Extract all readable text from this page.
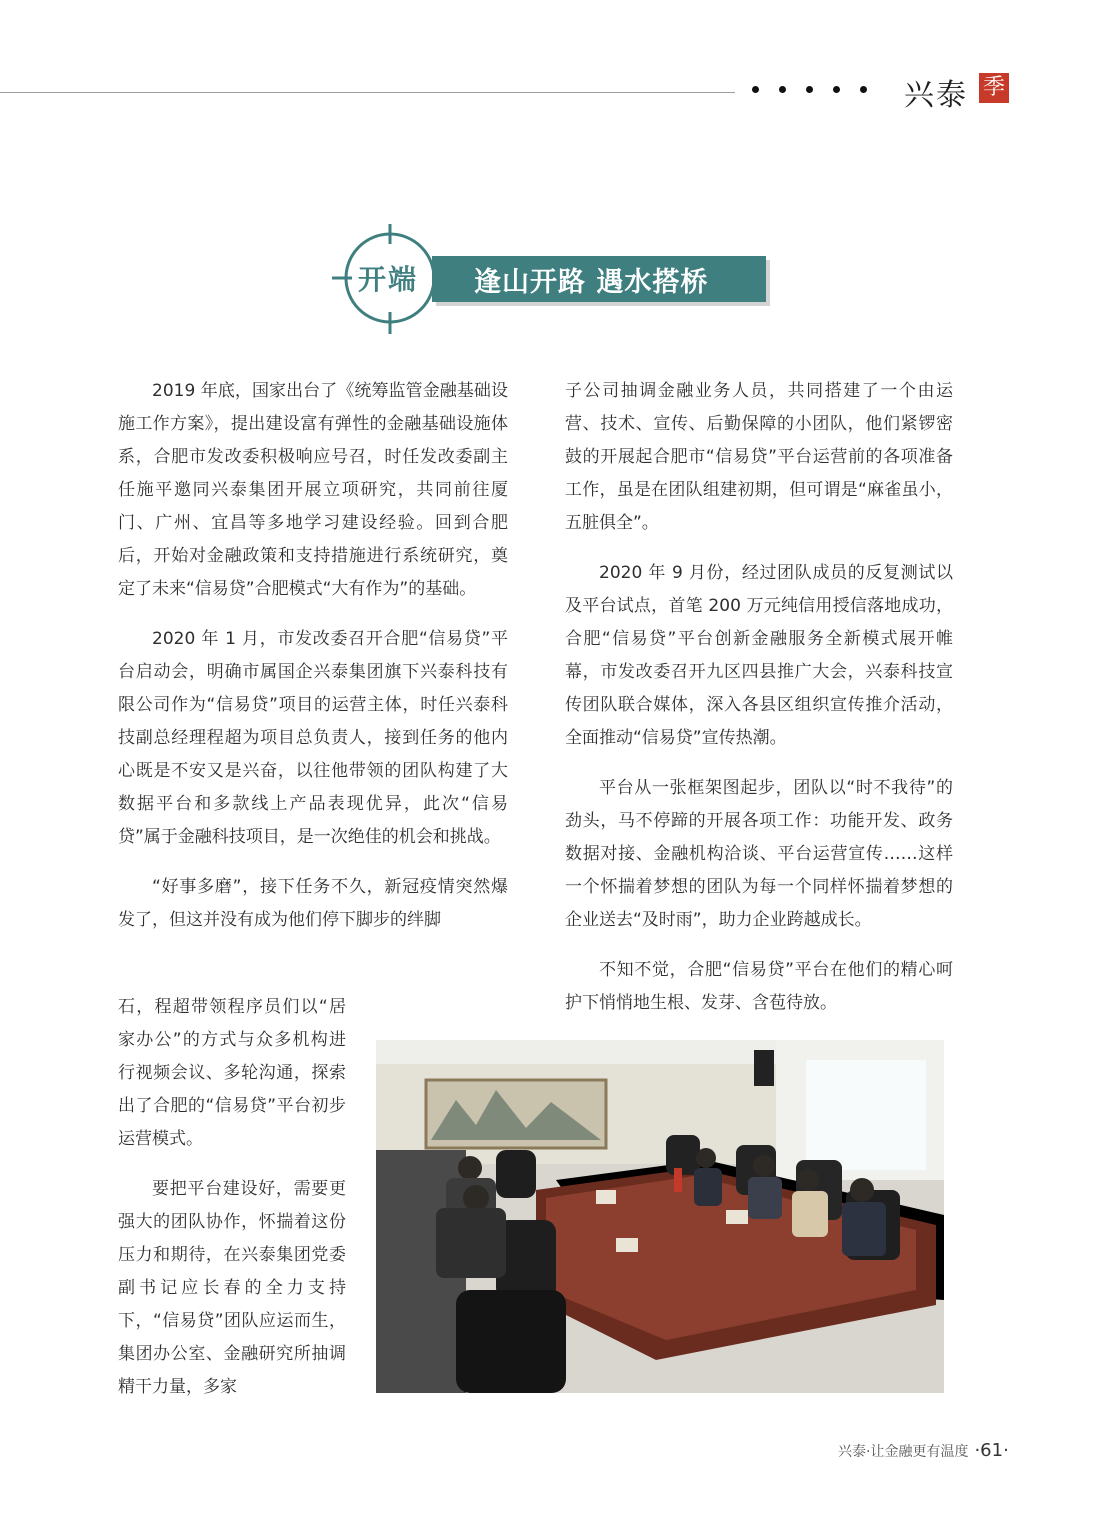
兴泰 季
开端	逢山开路 遇水搭桥

2019 年底，国家出台了《统筹监管金融基础设施工作方案》，提出建设富有弹性的金融基础设施体系，合肥市发改委积极响应号召，时任发改委副主任施平邀同兴泰集团开展立项研究，共同前往厦门、广州、宜昌等多地学习建设经验。回到合肥后，开始对金融政策和支持措施进行系统研究，奠定了未来“信易贷”合肥模式“大有作为”的基础。

2020 年 1 月，市发改委召开合肥“信易贷”平台启动会，明确市属国企兴泰集团旗下兴泰科技有限公司作为“信易贷”项目的运营主体，时任兴泰科技副总经理程超为项目总负责人，接到任务的他内心既是不安又是兴奋，以往他带领的团队构建了大数据平台和多款线上产品表现优异，此次“信易贷”属于金融科技项目，是一次绝佳的机会和挑战。

“好事多磨”，接下任务不久，新冠疫情突然爆发了，但这并没有成为他们停下脚步的绊脚

石，程超带领程序员们以“居家办公”的方式与众多机构进行视频会议、多轮沟通，探索出了合肥的“信易贷”平台初步运营模式。

要把平台建设好，需要更强大的团队协作，怀揣着这份压力和期待，在兴泰集团党委副书记应长春的全力支持下，“信易贷”团队应运而生，集团办公室、金融研究所抽调精干力量，多家

子公司抽调金融业务人员，共同搭建了一个由运营、技术、宣传、后勤保障的小团队，他们紧锣密鼓的开展起合肥市“信易贷”平台运营前的各项准备工作，虽是在团队组建初期，但可谓是“麻雀虽小，五脏俱全”。

2020 年 9 月份，经过团队成员的反复测试以及平台试点，首笔 200 万元纯信用授信落地成功，合肥“信易贷”平台创新金融服务全新模式展开帷幕，市发改委召开九区四县推广大会，兴泰科技宣传团队联合媒体，深入各县区组织宣传推介活动，全面推动“信易贷”宣传热潮。

平台从一张框架图起步，团队以“时不我待”的劲头，马不停蹄的开展各项工作：功能开发、政务数据对接、金融机构洽谈、平台运营宣传……这样一个怀揣着梦想的团队为每一个同样怀揣着梦想的企业送去“及时雨”，助力企业跨越成长。

不知不觉，合肥“信易贷”平台在他们的精心呵护下悄悄地生根、发芽、含苞待放。

兴泰·让金融更有温度 ·61·
